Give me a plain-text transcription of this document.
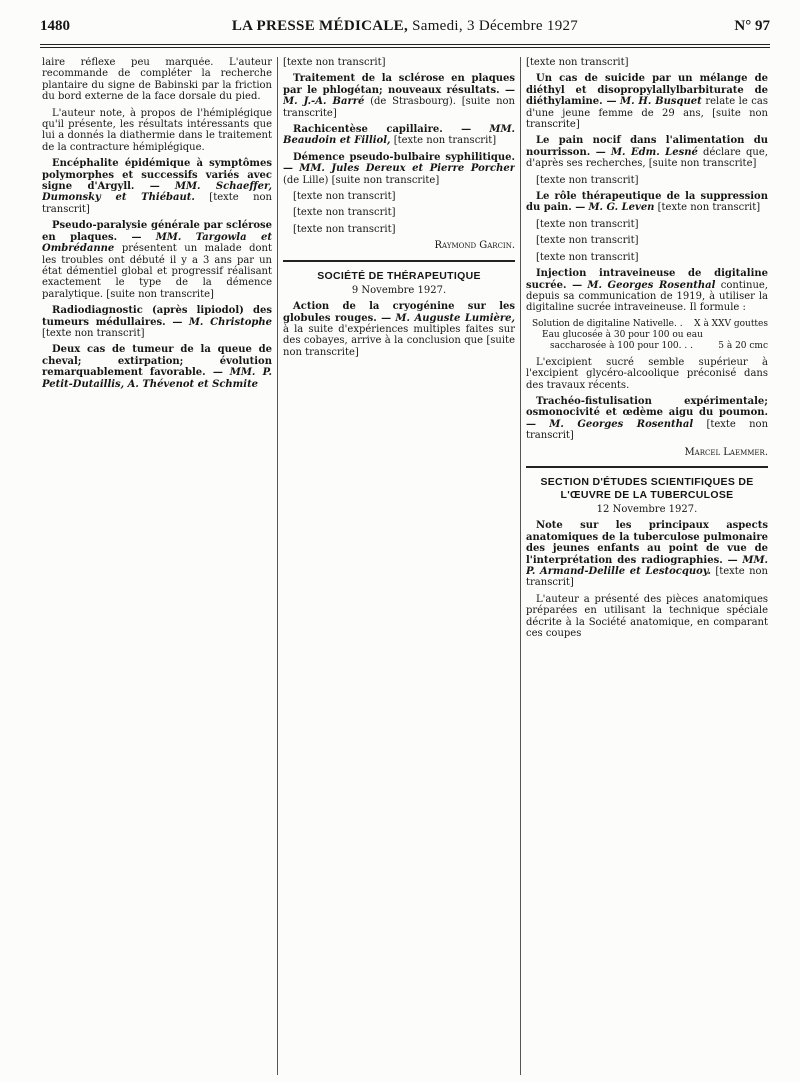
1480	LA PRESSE MÉDICALE, Samedi, 3 Décembre 1927	N° 97

laire réflexe peu marquée. L'auteur recommande de compléter la recherche plantaire du signe de Babinski par la friction du bord externe de la face dorsale du pied.

L'auteur note, à propos de l'hémiplégique qu'il présente, les résultats intéressants que lui a donnés la diathermie dans le traitement de la contracture hémiplégique.

Encéphalite épidémique à symptômes polymorphes et successifs variés avec signe d'Argyll. — MM. Schaeffer, Dumonsky et Thiébaut. [texte non transcrit]

Pseudo-paralysie générale par sclérose en plaques. — MM. Targowla et Ombrédanne présentent un malade dont les troubles ont débuté il y a 3 ans par un état démentiel global et progressif réalisant exactement le type de la démence paralytique. [suite non transcrite]

Radiodiagnostic (après lipiodol) des tumeurs médullaires. — M. Christophe [texte non transcrit]

Deux cas de tumeur de la queue de cheval; extirpation; évolution remarquablement favorable. — MM. P. Petit-Dutaillis, A. Thévenot et Schmite

[texte non transcrit]

Traitement de la sclérose en plaques par le phlogétan; nouveaux résultats. — M. J.-A. Barré (de Strasbourg). [suite non transcrite]

Rachicentèse capillaire. — MM. Beaudoin et Filliol, [texte non transcrit]

Démence pseudo-bulbaire syphilitique. — MM. Jules Dereux et Pierre Porcher (de Lille) [suite non transcrite]

[texte non transcrit]

[texte non transcrit]

[texte non transcrit]

Raymond Garcin.
SOCIÉTÉ DE THÉRAPEUTIQUE
9 Novembre 1927.

Action de la cryogénine sur les globules rouges. — M. Auguste Lumière, à la suite d'expériences multiples faites sur des cobayes, arrive à la conclusion que [suite non transcrite]

[texte non transcrit]

Un cas de suicide par un mélange de diéthyl et disopropylallylbarbiturate de diéthylamine. — M. H. Busquet relate le cas d'une jeune femme de 29 ans, [suite non transcrite]

Le pain nocif dans l'alimentation du nourrisson. — M. Edm. Lesné déclare que, d'après ses recherches, [suite non transcrite]

[texte non transcrit]

Le rôle thérapeutique de la suppression du pain. — M. G. Leven [texte non transcrit]

[texte non transcrit]

[texte non transcrit]

[texte non transcrit]

Injection intraveineuse de digitaline sucrée. — M. Georges Rosenthal continue, depuis sa communication de 1919, à utiliser la digitaline sucrée intraveineuse. Il formule :

Solution de digitaline Nativelle. . X à XXV gouttes
Eau glucosée à 30 pour 100 ou eau
saccharosée à 100 pour 100. . .	5 à 20 cmc

L'excipient sucré semble supérieur à l'excipient glycéro-alcoolique préconisé dans des travaux récents.

Trachéo-fistulisation expérimentale; osmonocivité et œdème aigu du poumon. — M. Georges Rosenthal [texte non transcrit]

Marcel Laemmer.
SECTION D'ÉTUDES SCIENTIFIQUES DE L'ŒUVRE DE LA TUBERCULOSE
12 Novembre 1927.

Note sur les principaux aspects anatomiques de la tuberculose pulmonaire des jeunes enfants au point de vue de l'interprétation des radiographies. — MM. P. Armand-Delille et Lestocquoy. [texte non transcrit]

L'auteur a présenté des pièces anatomiques préparées en utilisant la technique spéciale décrite à la Société anatomique, en comparant ces coupes
